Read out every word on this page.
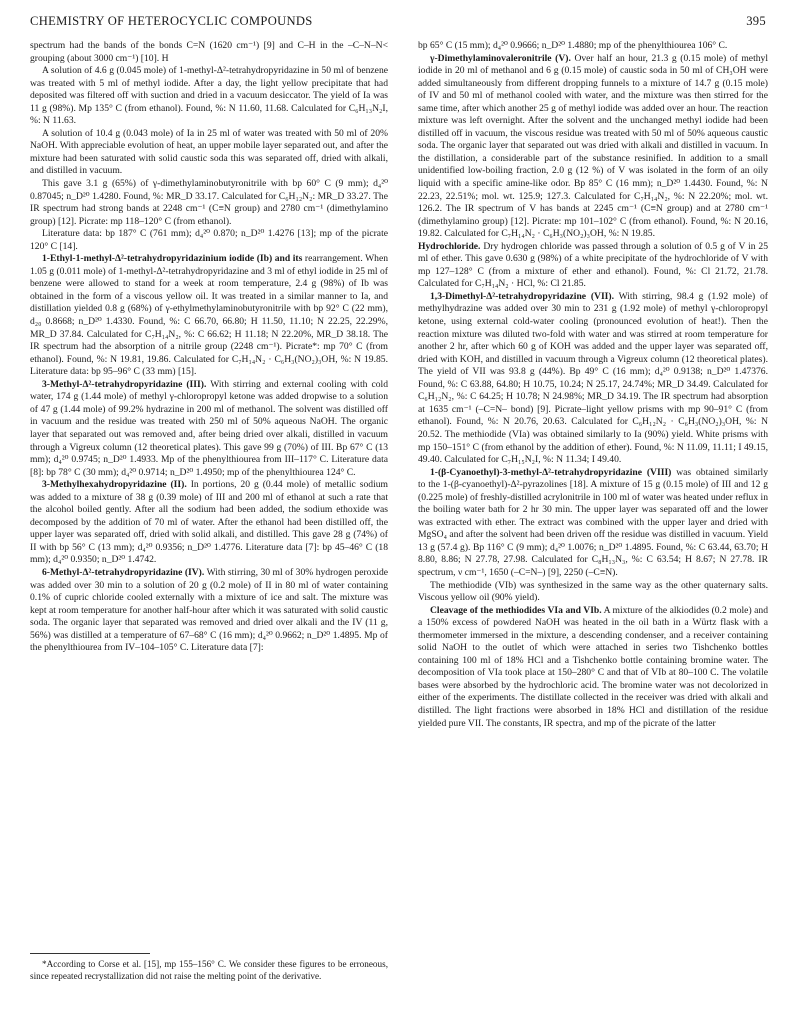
CHEMISTRY OF HETEROCYCLIC COMPOUNDS	395

spectrum had the bands of the bonds C=N (1620 cm⁻¹) [9] and C–H in the –C–N–N< grouping (about 3000 cm⁻¹) [10]. H

A solution of 4.6 g (0.045 mole) of 1-methyl-Δ²-tetrahydropyridazine in 50 ml of benzene was treated with 5 ml of methyl iodide. After a day, the light yellow precipitate that had deposited was filtered off with suction and dried in a vacuum desiccator. The yield of Ia was 11 g (98%). Mp 135° C (from ethanol). Found, %: N 11.60, 11.68. Calculated for C₆H₁₃N₂I, %: N 11.63.

A solution of 10.4 g (0.043 mole) of Ia in 25 ml of water was treated with 50 ml of 20% NaOH. With appreciable evolution of heat, an upper mobile layer separated out, and after the mixture had been saturated with solid caustic soda this was separated off, dried with alkali, and distilled in vacuum.

This gave 3.1 g (65%) of γ-dimethylaminobutyronitrile with bp 60° C (9 mm); d₄²⁰ 0.87045; n_D²⁰ 1.4280. Found, %: MR_D 33.17. Calculated for C₆H₁₂N₂: MR_D 33.27. The IR spectrum had strong bands at 2248 cm⁻¹ (C≡N group) and 2780 cm⁻¹ (dimethylamino group) [12]. Picrate: mp 118–120° C (from ethanol).

Literature data: bp 187° C (761 mm); d₄²⁰ 0.870; n_D²⁰ 1.4276 [13]; mp of the picrate 120° C [14].

1-Ethyl-1-methyl-Δ²-tetrahydropyridazinium iodide (Ib) and its rearrangement. When 1.05 g (0.011 mole) of 1-methyl-Δ²-tetrahydropyridazine and 3 ml of ethyl iodide in 25 ml of benzene were allowed to stand for a week at room temperature, 2.4 g (98%) of Ib was obtained in the form of a viscous yellow oil. It was treated in a similar manner to Ia, and distillation yielded 0.8 g (68%) of γ-ethylmethylaminobutyronitrile with bp 92° C (22 mm), d₂₀ 0.8668; n_D²⁰ 1.4330. Found, %: C 66.70, 66.80; H 11.50, 11.10; N 22.25, 22.29%, MR_D 37.84. Calculated for C₇H₁₄N₂, %: C 66.62; H 11.18; N 22.20%, MR_D 38.18. The IR spectrum had the absorption of a nitrile group (2248 cm⁻¹). Picrate*: mp 70° C (from ethanol). Found, %: N 19.81, 19.86. Calculated for C₇H₁₄N₂ · C₆H₃(NO₂)₃OH, %: N 19.85. Literature data: bp 95–96° C (33 mm) [15].

3-Methyl-Δ²-tetrahydropyridazine (III). With stirring and external cooling with cold water, 174 g (1.44 mole) of methyl γ-chloropropyl ketone was added dropwise to a solution of 47 g (1.44 mole) of 99.2% hydrazine in 200 ml of methanol. The solvent was distilled off in vacuum and the residue was treated with 250 ml of 50% aqueous NaOH. The organic layer that separated out was removed and, after being dried over alkali, distilled in vacuum through a Vigreux column (12 theoretical plates). This gave 99 g (70%) of III. Bp 67° C (13 mm); d₄²⁰ 0.9745; n_D²⁰ 1.4933. Mp of the phenylthiourea from III–117° C. Literature data [8]: bp 78° C (30 mm); d₄²⁰ 0.9714; n_D²⁰ 1.4950; mp of the phenylthiourea 124° C.

3-Methylhexahydropyridazine (II). In portions, 20 g (0.44 mole) of metallic sodium was added to a mixture of 38 g (0.39 mole) of III and 200 ml of ethanol at such a rate that the alcohol boiled gently. After all the sodium had been added, the sodium ethoxide was decomposed by the addition of 70 ml of water. After the ethanol had been distilled off, the upper layer was separated off, dried with solid alkali, and distilled. This gave 28 g (74%) of II with bp 56° C (13 mm); d₄²⁰ 0.9356; n_D²⁰ 1.4776. Literature data [7]: bp 45–46° C (18 mm); d₄²⁰ 0.9350; n_D²⁰ 1.4742.

6-Methyl-Δ²-tetrahydropyridazine (IV). With stirring, 30 ml of 30% hydrogen peroxide was added over 30 min to a solution of 20 g (0.2 mole) of II in 80 ml of water containing 0.1% of cupric chloride cooled externally with a mixture of ice and salt. The mixture was kept at room temperature for another half-hour after which it was saturated with solid caustic soda. The organic layer that separated was removed and dried over alkali and the IV (11 g, 56%) was distilled at a temperature of 67–68° C (16 mm); d₄²⁰ 0.9662; n_D²⁰ 1.4895. Mp of the phenylthiourea from IV–104–105° C. Literature data [7]:

bp 65° C (15 mm); d₄²⁰ 0.9666; n_D²⁰ 1.4880; mp of the phenylthiourea 106° C.

γ-Dimethylaminovaleronitrile (V). Over half an hour, 21.3 g (0.15 mole) of methyl iodide in 20 ml of methanol and 6 g (0.15 mole) of caustic soda in 50 ml of CH₃OH were added simultaneously from different dropping funnels to a mixture of 14.7 g (0.15 mole) of IV and 50 ml of methanol cooled with water, and the mixture was then stirred for the same time, after which another 25 g of methyl iodide was added over an hour. The reaction mixture was left overnight. After the solvent and the unchanged methyl iodide had been distilled off in vacuum, the viscous residue was treated with 50 ml of 50% aqueous caustic soda. The organic layer that separated out was dried with alkali and distilled in vacuum. In the distillation, a considerable part of the substance resinified. In addition to a small unidentified low-boiling fraction, 2.0 g (12 %) of V was isolated in the form of an oily liquid with a specific amine-like odor. Bp 85° C (16 mm); n_D²⁰ 1.4430. Found, %: N 22.23, 22.51%; mol. wt. 125.9; 127.3. Calculated for C₇H₁₄N₂, %: N 22.20%; mol. wt. 126.2. The IR spectrum of V has bands at 2245 cm⁻¹ (C≡N group) and at 2780 cm⁻¹ (dimethylamino group) [12]. Picrate: mp 101–102° C (from ethanol). Found, %: N 20.16, 19.82. Calculated for C₇H₁₄N₂ · C₆H₃(NO₂)₃OH, %: N 19.85.

Hydrochloride. Dry hydrogen chloride was passed through a solution of 0.5 g of V in 25 ml of ether. This gave 0.630 g (98%) of a white precipitate of the hydrochloride of V with mp 127–128° C (from a mixture of ether and ethanol). Found, %: Cl 21.72, 21.78. Calculated for C₇H₁₄N₂ · HCl, %: Cl 21.85.

1,3-Dimethyl-Δ²-tetrahydropyridazine (VII). With stirring, 98.4 g (1.92 mole) of methylhydrazine was added over 30 min to 231 g (1.92 mole) of methyl γ-chloropropyl ketone, using external cold-water cooling (pronounced evolution of heat!). Then the reaction mixture was diluted two-fold with water and was stirred at room temperature for another 2 hr, after which 60 g of KOH was added and the upper layer was separated off, dried with KOH, and distilled in vacuum through a Vigreux column (12 theoretical plates). The yield of VII was 93.8 g (44%). Bp 49° C (16 mm); d₄²⁰ 0.9138; n_D²⁰ 1.47376. Found, %: C 63.88, 64.80; H 10.75, 10.24; N 25.17, 24.74%; MR_D 34.49. Calculated for C₆H₁₂N₂, %: C 64.25; H 10.78; N 24.98%; MR_D 34.19. The IR spectrum had absorption at 1635 cm⁻¹ (–C=N– bond) [9]. Picrate–light yellow prisms with mp 90–91° C (from ethanol). Found, %: N 20.76, 20.63. Calculated for C₆H₁₂N₂ · C₆H₃(NO₂)₃OH, %: N 20.52. The methiodide (VIa) was obtained similarly to Ia (90%) yield. White prisms with mp 150–151° C (from ethanol by the addition of ether). Found, %: N 11.09, 11.11; I 49.15, 49.40. Calculated for C₇H₁₅N₂I, %: N 11.34; I 49.40.

1-(β-Cyanoethyl)-3-methyl-Δ²-tetrahydropyridazine (VIII) was obtained similarly to the 1-(β-cyanoethyl)-Δ²-pyrazolines [18]. A mixture of 15 g (0.15 mole) of III and 12 g (0.225 mole) of freshly-distilled acrylonitrile in 100 ml of water was heated under reflux in the boiling water bath for 2 hr 30 min. The upper layer was separated off and the lower was extracted with ether. The extract was combined with the upper layer and dried with MgSO₄ and after the solvent had been driven off the residue was distilled in vacuum. Yield 13 g (57.4 g). Bp 116° C (9 mm); d₄²⁰ 1.0076; n_D²⁰ 1.4895. Found, %: C 63.44, 63.70; H 8.80, 8.86; N 27.78, 27.98. Calculated for C₈H₁₃N₃, %: C 63.54; H 8.67; N 27.78. IR spectrum, ν cm⁻¹, 1650 (–C=N–) [9], 2250 (–C≡N).

The methiodide (VIb) was synthesized in the same way as the other quaternary salts. Viscous yellow oil (90% yield).

Cleavage of the methiodides VIa and VIb. A mixture of the alkiodides (0.2 mole) and a 150% excess of powdered NaOH was heated in the oil bath in a Würtz flask with a thermometer immersed in the mixture, a descending condenser, and a receiver containing solid NaOH to the outlet of which were attached in series two Tishchenko bottles containing 100 ml of 18% HCl and a Tishchenko bottle containing bromine water. The decomposition of VIa took place at 150–280° C and that of VIb at 80–100 C. The volatile bases were absorbed by the hydrochloric acid. The bromine water was not decolorized in either of the experiments. The distillate collected in the receiver was dried with alkali and distilled. The light fractions were absorbed in 18% HCl and distillation of the residue yielded pure VII. The constants, IR spectra, and mp of the picrate of the latter

*According to Corse et al. [15], mp 155–156° C. We consider these figures to be erroneous, since repeated recrystallization did not raise the melting point of the derivative.
